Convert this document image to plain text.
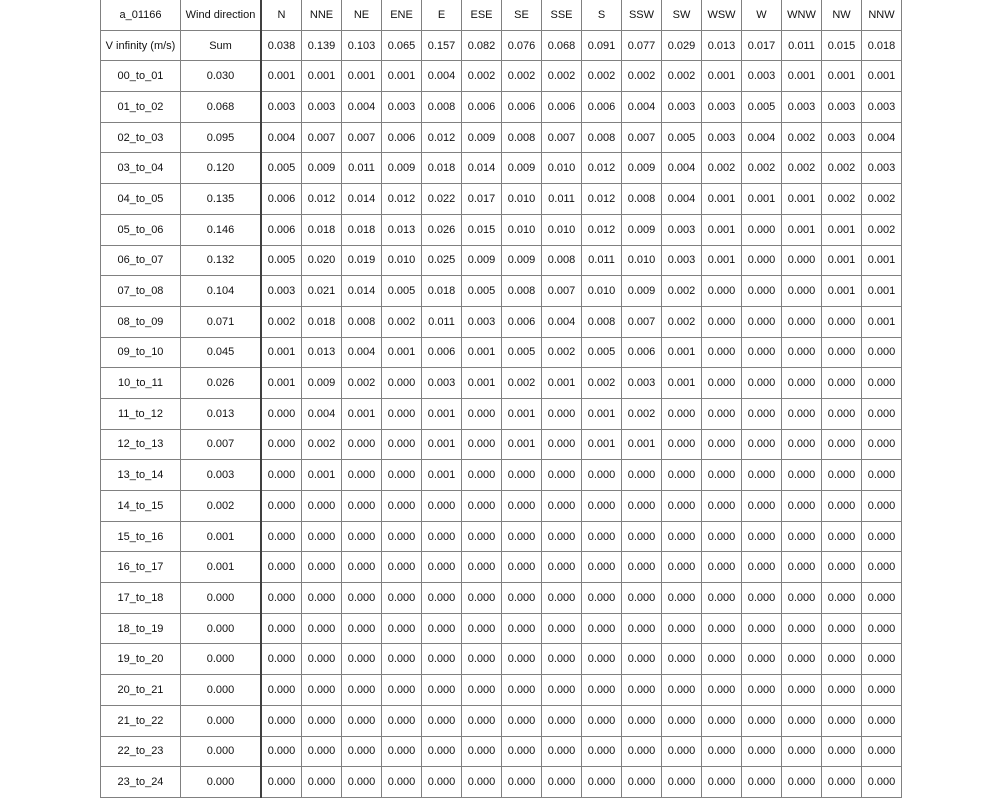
a_01166	Wind direction	N	NNE	NE	ENE	E	ESE	SE	SSE	S	SSW	SW	WSW	W	WNW	NW	NNW
V infinity (m/s)	Sum	0.038	0.139	0.103	0.065	0.157	0.082	0.076	0.068	0.091	0.077	0.029	0.013	0.017	0.011	0.015	0.018
00_to_01	0.030	0.001	0.001	0.001	0.001	0.004	0.002	0.002	0.002	0.002	0.002	0.002	0.001	0.003	0.001	0.001	0.001
01_to_02	0.068	0.003	0.003	0.004	0.003	0.008	0.006	0.006	0.006	0.006	0.004	0.003	0.003	0.005	0.003	0.003	0.003
02_to_03	0.095	0.004	0.007	0.007	0.006	0.012	0.009	0.008	0.007	0.008	0.007	0.005	0.003	0.004	0.002	0.003	0.004
03_to_04	0.120	0.005	0.009	0.011	0.009	0.018	0.014	0.009	0.010	0.012	0.009	0.004	0.002	0.002	0.002	0.002	0.003
04_to_05	0.135	0.006	0.012	0.014	0.012	0.022	0.017	0.010	0.011	0.012	0.008	0.004	0.001	0.001	0.001	0.002	0.002
05_to_06	0.146	0.006	0.018	0.018	0.013	0.026	0.015	0.010	0.010	0.012	0.009	0.003	0.001	0.000	0.001	0.001	0.002
06_to_07	0.132	0.005	0.020	0.019	0.010	0.025	0.009	0.009	0.008	0.011	0.010	0.003	0.001	0.000	0.000	0.001	0.001
07_to_08	0.104	0.003	0.021	0.014	0.005	0.018	0.005	0.008	0.007	0.010	0.009	0.002	0.000	0.000	0.000	0.001	0.001
08_to_09	0.071	0.002	0.018	0.008	0.002	0.011	0.003	0.006	0.004	0.008	0.007	0.002	0.000	0.000	0.000	0.000	0.001
09_to_10	0.045	0.001	0.013	0.004	0.001	0.006	0.001	0.005	0.002	0.005	0.006	0.001	0.000	0.000	0.000	0.000	0.000
10_to_11	0.026	0.001	0.009	0.002	0.000	0.003	0.001	0.002	0.001	0.002	0.003	0.001	0.000	0.000	0.000	0.000	0.000
11_to_12	0.013	0.000	0.004	0.001	0.000	0.001	0.000	0.001	0.000	0.001	0.002	0.000	0.000	0.000	0.000	0.000	0.000
12_to_13	0.007	0.000	0.002	0.000	0.000	0.001	0.000	0.001	0.000	0.001	0.001	0.000	0.000	0.000	0.000	0.000	0.000
13_to_14	0.003	0.000	0.001	0.000	0.000	0.001	0.000	0.000	0.000	0.000	0.000	0.000	0.000	0.000	0.000	0.000	0.000
14_to_15	0.002	0.000	0.000	0.000	0.000	0.000	0.000	0.000	0.000	0.000	0.000	0.000	0.000	0.000	0.000	0.000	0.000
15_to_16	0.001	0.000	0.000	0.000	0.000	0.000	0.000	0.000	0.000	0.000	0.000	0.000	0.000	0.000	0.000	0.000	0.000
16_to_17	0.001	0.000	0.000	0.000	0.000	0.000	0.000	0.000	0.000	0.000	0.000	0.000	0.000	0.000	0.000	0.000	0.000
17_to_18	0.000	0.000	0.000	0.000	0.000	0.000	0.000	0.000	0.000	0.000	0.000	0.000	0.000	0.000	0.000	0.000	0.000
18_to_19	0.000	0.000	0.000	0.000	0.000	0.000	0.000	0.000	0.000	0.000	0.000	0.000	0.000	0.000	0.000	0.000	0.000
19_to_20	0.000	0.000	0.000	0.000	0.000	0.000	0.000	0.000	0.000	0.000	0.000	0.000	0.000	0.000	0.000	0.000	0.000
20_to_21	0.000	0.000	0.000	0.000	0.000	0.000	0.000	0.000	0.000	0.000	0.000	0.000	0.000	0.000	0.000	0.000	0.000
21_to_22	0.000	0.000	0.000	0.000	0.000	0.000	0.000	0.000	0.000	0.000	0.000	0.000	0.000	0.000	0.000	0.000	0.000
22_to_23	0.000	0.000	0.000	0.000	0.000	0.000	0.000	0.000	0.000	0.000	0.000	0.000	0.000	0.000	0.000	0.000	0.000
23_to_24	0.000	0.000	0.000	0.000	0.000	0.000	0.000	0.000	0.000	0.000	0.000	0.000	0.000	0.000	0.000	0.000	0.000
